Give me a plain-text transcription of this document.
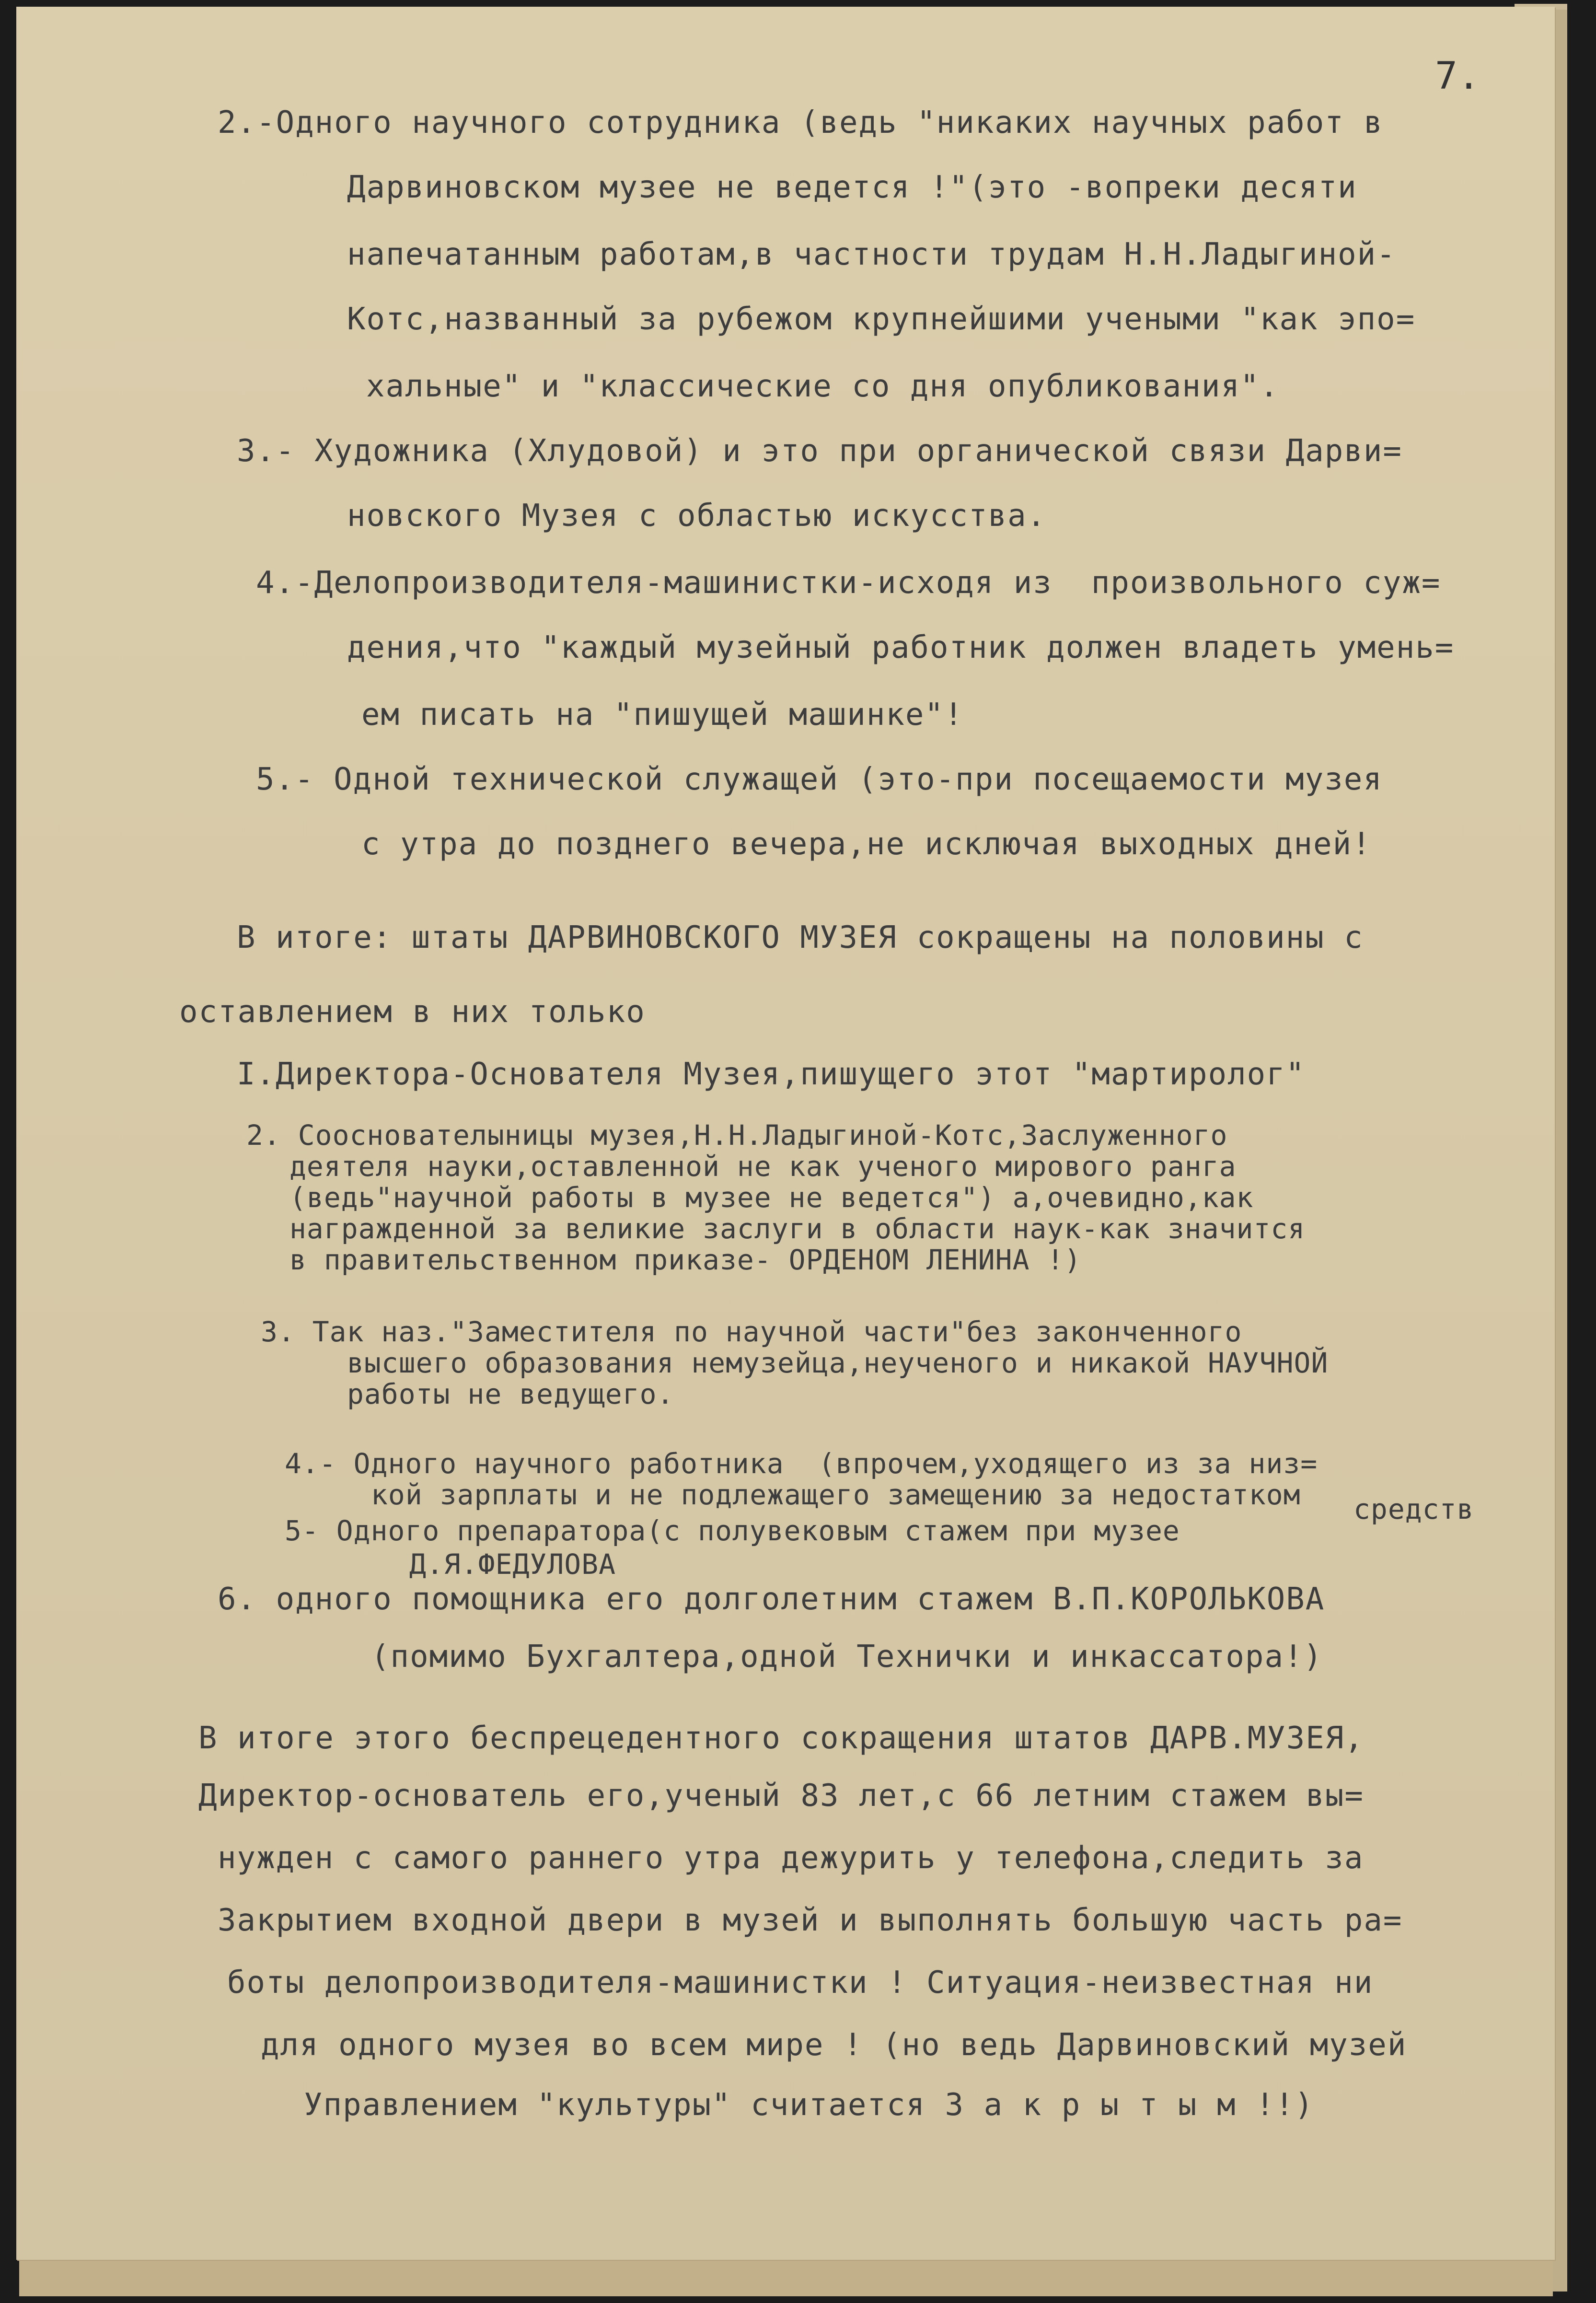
7.

2.-Одного научного сотрудника (ведь "никаких научных работ в

Дарвиновском музее не ведется !"(это -вопреки десяти

напечатанным работам,в частности трудам Н.Н.Ладыгиной-

Котс,названный за рубежом крупнейшими учеными "как эпо=

хальные" и "классические со дня опубликования".

3.- Художника (Хлудовой) и это при органической связи Дарви=

новского Музея с областью искусства.

4.-Делопроизводителя-машинистки-исходя из  произвольного суж=

дения,что "каждый музейный работник должен владеть умень=

ем писать на "пишущей машинке"!

5.- Одной технической служащей (это-при посещаемости музея

с утра до позднего вечера,не исключая выходных дней!

В итоге: штаты ДАРВИНОВСКОГО МУЗЕЯ сокращены на половины с

оставлением в них только

I.Директора-Основателя Музея,пишущего этот "мартиролог"

2. Сооснователыницы музея,Н.Н.Ладыгиной-Котс,Заслуженного

деятеля науки,оставленной не как ученого мирового ранга

(ведь"научной работы в музее не ведется") а,очевидно,как

награжденной за великие заслуги в области наук-как значится

в правительственном приказе- ОРДЕНОМ ЛЕНИНА !)

3. Так наз."Заместителя по научной части"без законченного

высшего образования немузейца,неученого и никакой НАУЧНОЙ

работы не ведущего.

4.- Одного научного работника  (впрочем,уходящего из за низ=

кой зарплаты и не подлежащего замещению за недостатком средств

5- Одного препаратора(с полувековым стажем при музее

Д.Я.ФЕДУЛОВА

6. одного помощника его долголетним стажем В.П.КОРОЛЬКОВА

(помимо Бухгалтера,одной Технички и инкассатора!)

В итоге этого беспрецедентного сокращения штатов ДАРВ.МУЗЕЯ,

Директор-основатель его,ученый 83 лет,с 66 летним стажем вы=

нужден с самого раннего утра дежурить у телефона,следить за

Закрытием входной двери в музей и выполнять большую часть ра=

боты делопроизводителя-машинистки ! Ситуация-неизвестная ни

для одного музея во всем мире ! (но ведь Дарвиновский музей

Управлением "культуры" считается З а к р ы т ы м !!)
